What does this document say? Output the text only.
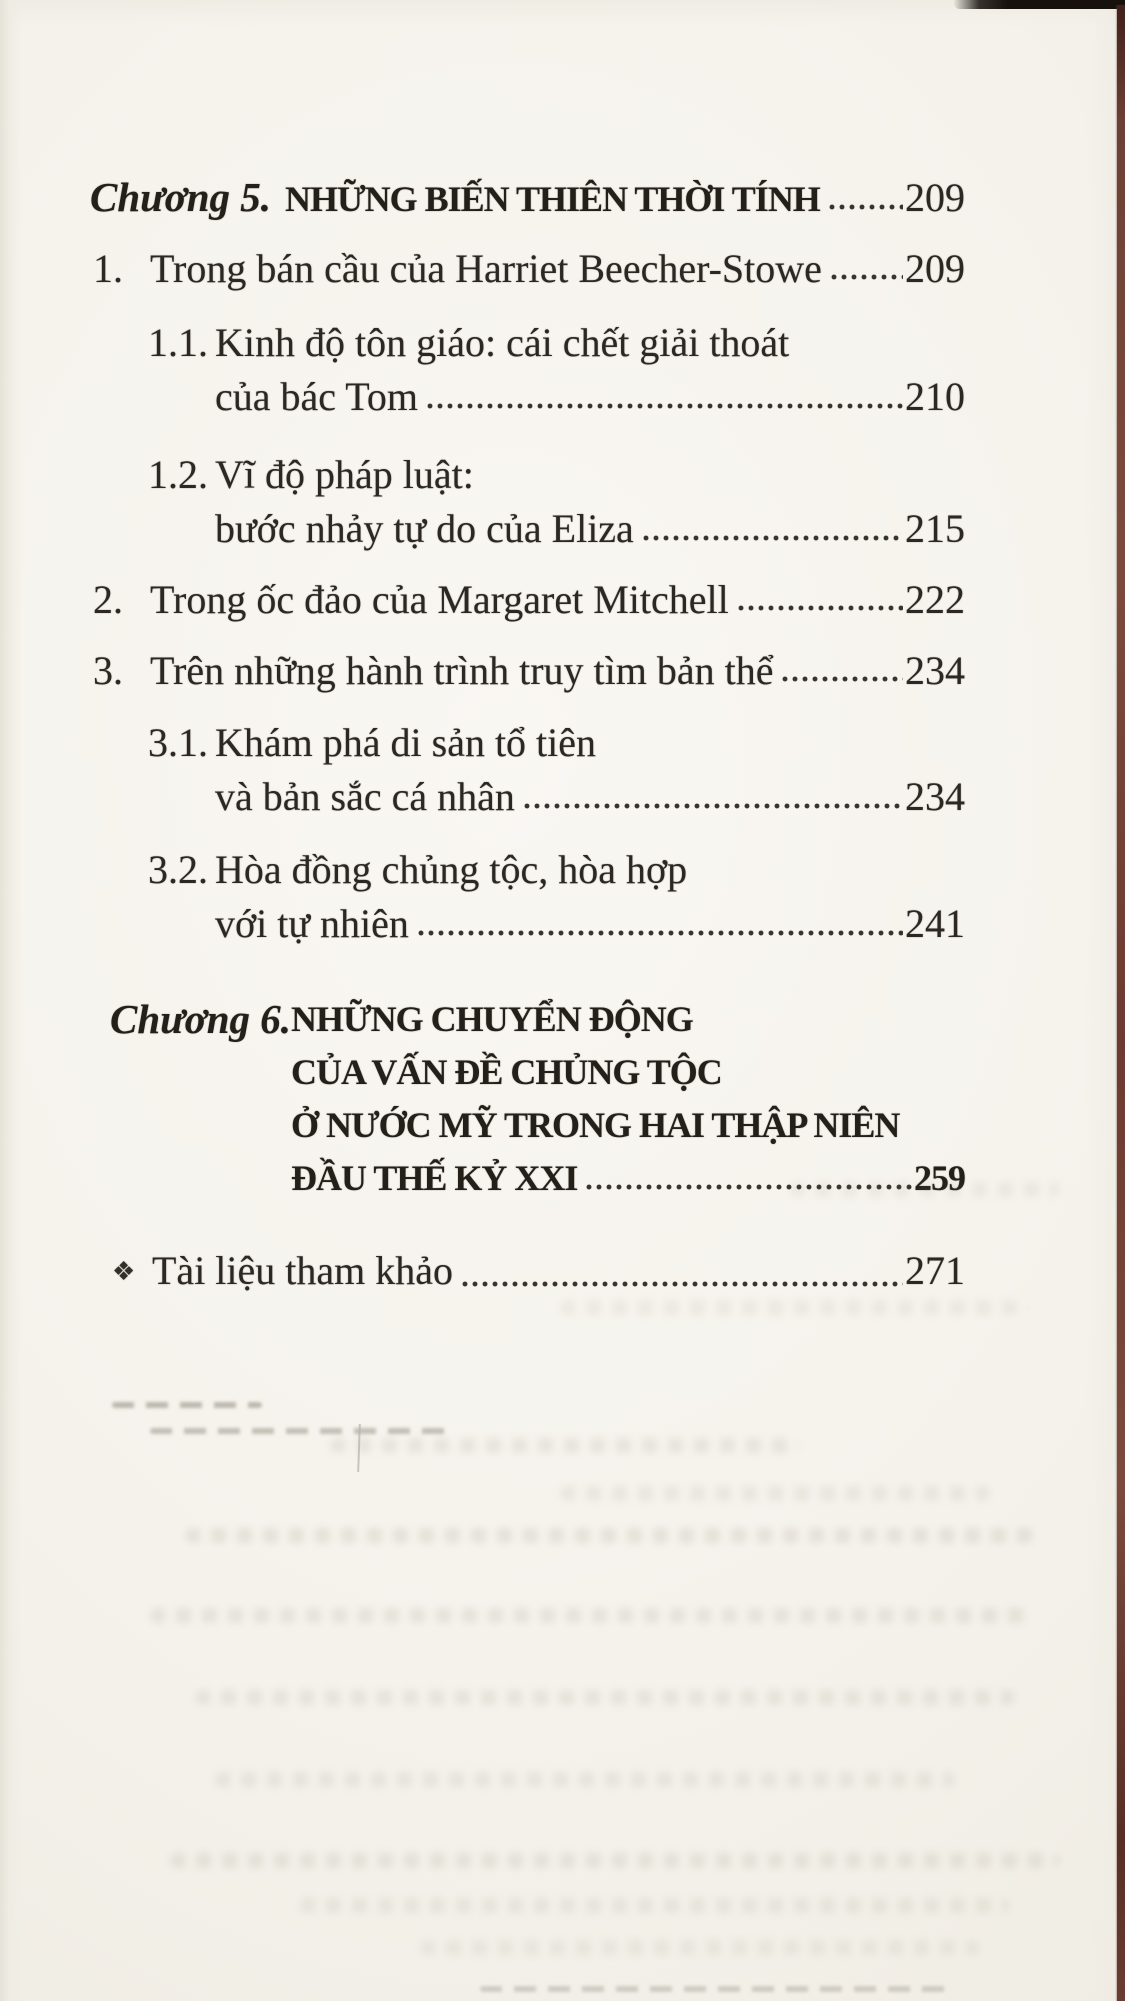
Chương 5. NHỮNG BIẾN THIÊN THỜI TÍNH 209
1. Trong bán cầu của Harriet Beecher-Stowe 209
1.1. Kinh độ tôn giáo: cái chết giải thoát
của bác Tom	210
1.2. Vĩ độ pháp luật:
bước nhảy tự do của Eliza	215
2. Trong ốc đảo của Margaret Mitchell	222
3. Trên những hành trình truy tìm bản thể	234
3.1. Khám phá di sản tổ tiên
và bản sắc cá nhân	234
3.2. Hòa đồng chủng tộc, hòa hợp
với tự nhiên	241
Chương 6. NHỮNG CHUYỂN ĐỘNG
CỦA VẤN ĐỀ CHỦNG TỘC
Ở NƯỚC MỸ TRONG HAI THẬP NIÊN
ĐẦU THẾ KỶ XXI	259
❖ Tài liệu tham khảo	271
